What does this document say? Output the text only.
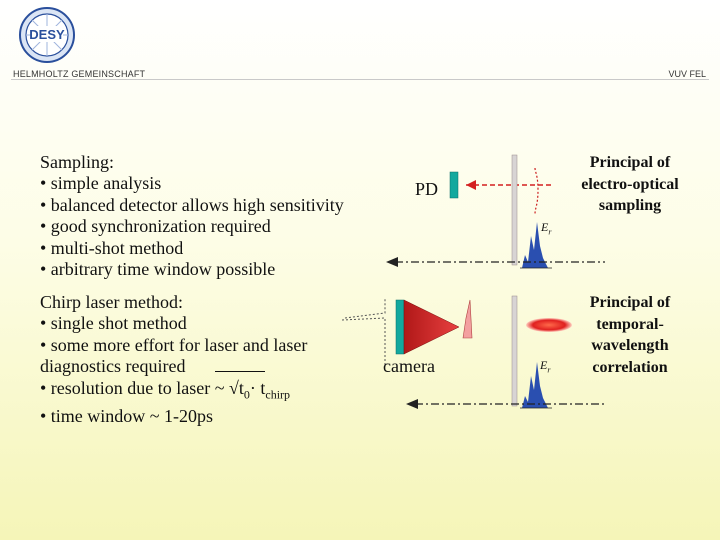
DESY
HELMHOLTZ GEMEINSCHAFT	VUV FEL
Sampling:
• simple analysis
• balanced detector allows high sensitivity
• good synchronization required
• multi-shot method
• arbitrary time window possible
Chirp laser method:
• single shot method
• some more effort for laser and laser
diagnostics required
• resolution due to laser ~ $√t_0\cdot t_{chirp}$
• time window ~ 1-20ps
PD
camera
$E_r$
$E_r$
Principal of electro-optical sampling
Principal of temporal-wavelength correlation
